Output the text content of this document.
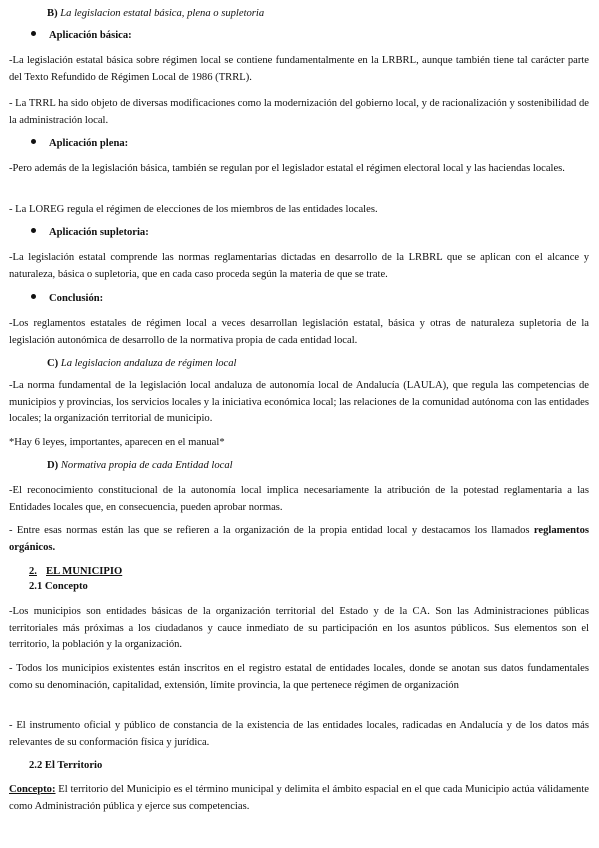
B) La legislacion estatal básica, plena o supletoria
Aplicación básica:

-La legislación estatal básica sobre régimen local se contiene fundamentalmente en la LRBRL, aunque también tiene tal carácter parte del Texto Refundido de Régimen Local de 1986 (TRRL).

- La TRRL ha sido objeto de diversas modificaciones como la modernización del gobierno local, y de racionalización y sostenibilidad de la administración local.

Aplicación plena:

-Pero además de la legislación básica, también se regulan por el legislador estatal el régimen electoral local y las haciendas locales.

- La LOREG regula el régimen de elecciones de los miembros de las entidades locales.

Aplicación supletoria:

-La legislación estatal comprende las normas reglamentarias dictadas en desarrollo de la LRBRL que se aplican con el alcance y naturaleza, básica o supletoria, que en cada caso proceda según la materia de que se trate.

Conclusión:

-Los reglamentos estatales de régimen local a veces desarrollan legislación estatal, básica y otras de naturaleza supletoria de la legislación autonómica de desarrollo de la normativa propia de cada entidad local.

C) La legislacion andaluza de régimen local

-La norma fundamental de la legislación local andaluza de autonomía local de Andalucía (LAULA), que regula las competencias de municipios y provincias, los servicios locales y la iniciativa económica local; las relaciones de la comunidad autónoma con las entidades locales; la organización territorial de municipio.

*Hay 6 leyes, importantes, aparecen en el manual*

D) Normativa propia de cada Entidad local

-El reconocimiento constitucional de la autonomía local implica necesariamente la atribución de la potestad reglamentaria a las Entidades locales que, en consecuencia, pueden aprobar normas.

- Entre esas normas están las que se refieren a la organización de la propia entidad local y destacamos los llamados reglamentos orgánicos.

2. EL MUNICIPIO
2.1 Concepto

-Los municipios son entidades básicas de la organización territorial del Estado y de la CA. Son las Administraciones públicas territoriales más próximas a los ciudadanos y cauce inmediato de su participación en los asuntos públicos. Sus elementos son el territorio, la población y la organización.

- Todos los municipios existentes están inscritos en el registro estatal de entidades locales, donde se anotan sus datos fundamentales como su denominación, capitalidad, extensión, límite provincia, la que pertenece régimen de organización

- El instrumento oficial y público de constancia de la existencia de las entidades locales, radicadas en Andalucía y de los datos más relevantes de su conformación física y jurídica.

2.2 El Territorio

Concepto: El territorio del Municipio es el término municipal y delimita el ámbito espacial en el que cada Municipio actúa válidamente como Administración pública y ejerce sus competencias.
